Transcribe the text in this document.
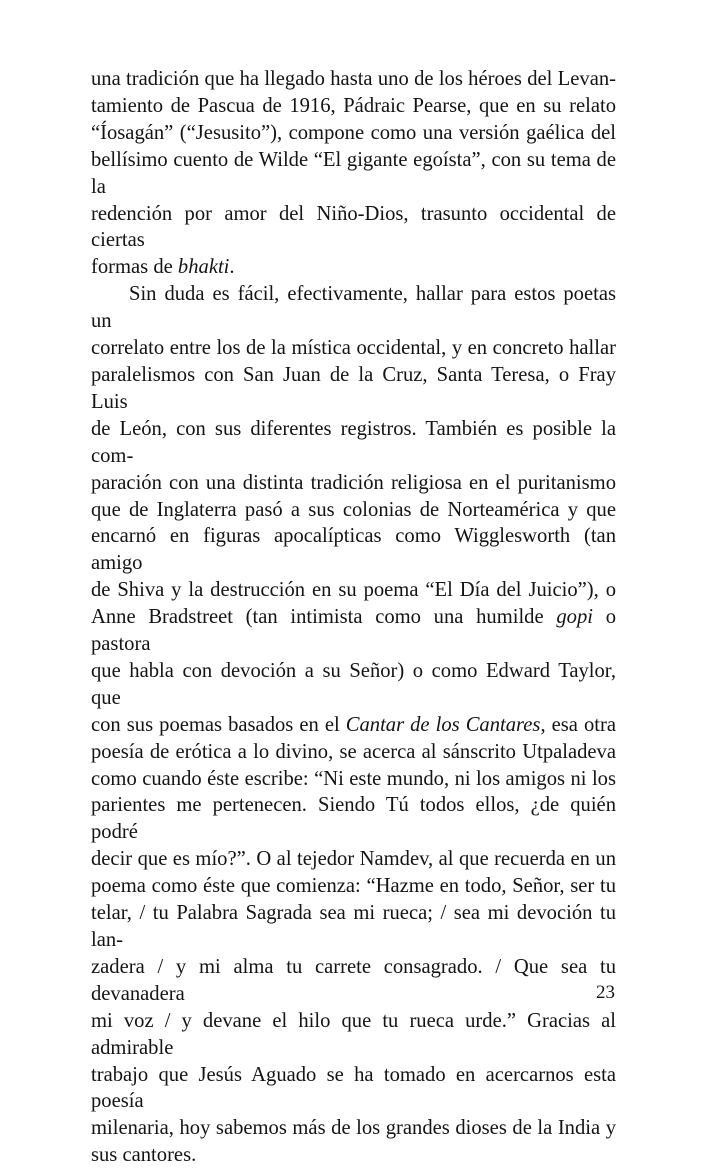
una tradición que ha llegado hasta uno de los héroes del Levan-
tamiento de Pascua de 1916, Pádraic Pearse, que en su relato
“Íosagán” (“Jesusito”), compone como una versión gaélica del
bellísimo cuento de Wilde “El gigante egoísta”, con su tema de la
redención por amor del Niño-Dios, trasunto occidental de ciertas
formas de bhakti.
Sin duda es fácil, efectivamente, hallar para estos poetas un
correlato entre los de la mística occidental, y en concreto hallar
paralelismos con San Juan de la Cruz, Santa Teresa, o Fray Luis
de León, con sus diferentes registros. También es posible la com-
paración con una distinta tradición religiosa en el puritanismo
que de Inglaterra pasó a sus colonias de Norteamérica y que
encarnó en figuras apocalípticas como Wigglesworth (tan amigo
de Shiva y la destrucción en su poema “El Día del Juicio”), o
Anne Bradstreet (tan intimista como una humilde gopi o pastora
que habla con devoción a su Señor) o como Edward Taylor, que
con sus poemas basados en el Cantar de los Cantares, esa otra
poesía de erótica a lo divino, se acerca al sánscrito Utpaladeva
como cuando éste escribe: “Ni este mundo, ni los amigos ni los
parientes me pertenecen. Siendo Tú todos ellos, ¿de quién podré
decir que es mío?”. O al tejedor Namdev, al que recuerda en un
poema como éste que comienza: “Hazme en todo, Señor, ser tu
telar, / tu Palabra Sagrada sea mi rueca; / sea mi devoción tu lan-
zadera / y mi alma tu carrete consagrado. / Que sea tu devanadera
mi voz / y devane el hilo que tu rueca urde.” Gracias al admirable
trabajo que Jesús Aguado se ha tomado en acercarnos esta poesía
milenaria, hoy sabemos más de los grandes dioses de la India y
sus cantores.
23
